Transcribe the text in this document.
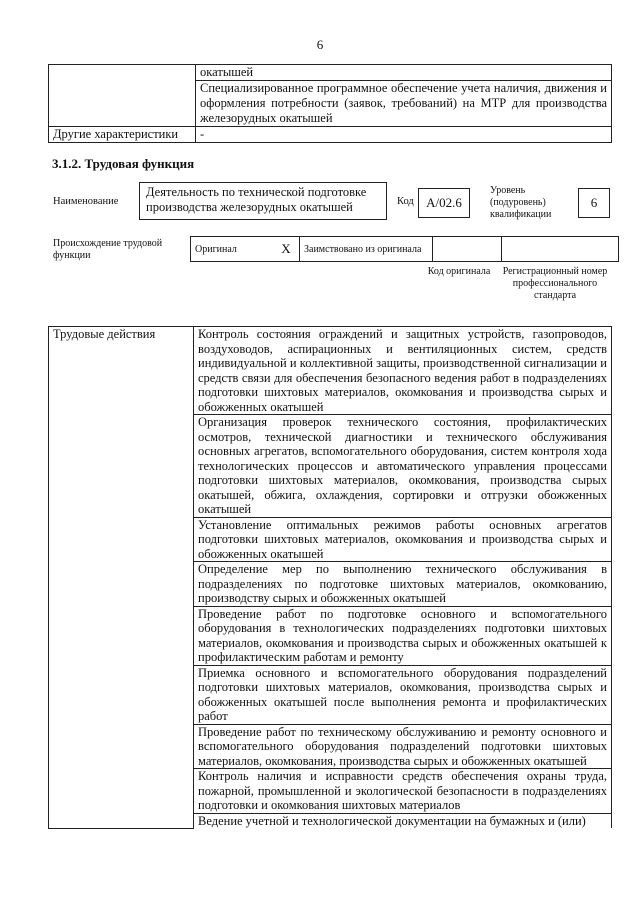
6
	окатышей
	Специализированное программное обеспечение учета наличия, движения и оформления потребности (заявок, требований) на МТР для производства железорудных окатышей
Другие характеристики	-
3.1.2. Трудовая функция
Наименование
Деятельность по технической подготовке производства железорудных окатышей	Код А/02.6
Уровень (подуровень) квалификации
6
Происхождение трудовой функции
Оригинал	X	Заимствовано из оригинала		
Код оригинала Регистрационный номер профессионального стандарта
Трудовые действия	Контроль состояния ограждений и защитных устройств, газопроводов, воздуховодов, аспирационных и вентиляционных систем, средств индивидуальной и коллективной защиты, производственной сигнализации и средств связи для обеспечения безопасного ведения работ в подразделениях подготовки шихтовых материалов, окомкования и производства сырых и обожженных окатышей
Организация проверок технического состояния, профилактических осмотров, технической диагностики и технического обслуживания основных агрегатов, вспомогательного оборудования, систем контроля хода технологических процессов и автоматического управления процессами подготовки шихтовых материалов, окомкования, производства сырых окатышей, обжига, охлаждения, сортировки и отгрузки обожженных окатышей
Установление оптимальных режимов работы основных агрегатов подготовки шихтовых материалов, окомкования и производства сырых и обожженных окатышей
Определение мер по выполнению технического обслуживания в подразделениях по подготовке шихтовых материалов, окомкованию, производству сырых и обожженных окатышей
Проведение работ по подготовке основного и вспомогательного оборудования в технологических подразделениях подготовки шихтовых материалов, окомкования и производства сырых и обожженных окатышей к профилактическим работам и ремонту
Приемка основного и вспомогательного оборудования подразделений подготовки шихтовых материалов, окомкования, производства сырых и обожженных окатышей после выполнения ремонта и профилактических работ
Проведение работ по техническому обслуживанию и ремонту основного и вспомогательного оборудования подразделений подготовки шихтовых материалов, окомкования, производства сырых и обожженных окатышей
Контроль наличия и исправности средств обеспечения охраны труда, пожарной, промышленной и экологической безопасности в подразделениях подготовки и окомкования шихтовых материалов
Ведение учетной и технологической документации на бумажных и (или)
